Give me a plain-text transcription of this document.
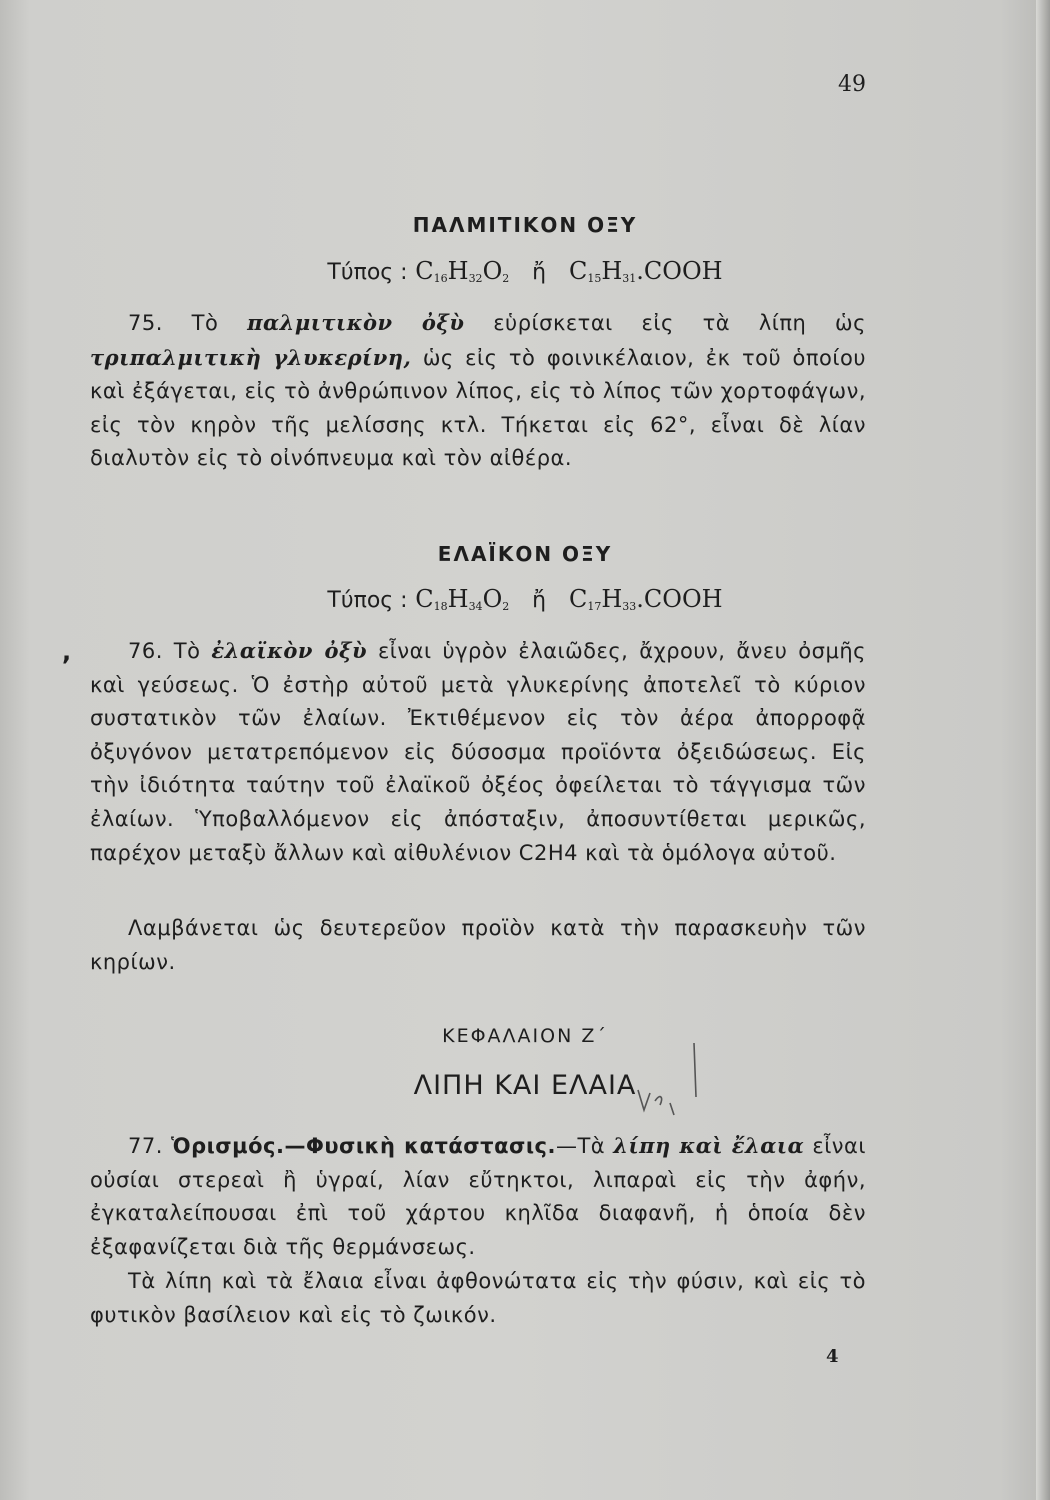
49
ΠΑΛΜΙΤΙΚΟΝ ΟΞΥ
Τύπος : $C_{16}H_{32}O_2$ ἤ $C_{15}H_{31}.COOH$
75. Τὸ παλμιτικὸν ὀξὺ εὑρίσκεται εἰς τὰ λίπη ὡς τριπαλμιτικὴ γλυκερίνη, ὡς εἰς τὸ φοινικέλαιον, ἐκ τοῦ ὁποίου καὶ ἐξάγεται, εἰς τὸ ἀνθρώπινον λίπος, εἰς τὸ λίπος τῶν χορτοφάγων, εἰς τὸν κηρὸν τῆς μελίσσης κτλ. Τήκεται εἰς 62°, εἶναι δὲ λίαν διαλυτὸν εἰς τὸ οἰνόπνευμα καὶ τὸν αἰθέρα.
ΕΛΑΪΚΟΝ ΟΞΥ
Τύπος : $C_{18}H_{34}O_2$ ἤ $C_{17}H_{33}.COOH$
,	76. Τὸ ἐλαϊκὸν ὀξὺ εἶναι ὑγρὸν ἐλαιῶδες, ἄχρουν, ἄνευ ὀσμῆς καὶ γεύσεως. Ὁ ἐστὴρ αὐτοῦ μετὰ γλυκερίνης ἀποτελεῖ τὸ κύριον συστατικὸν τῶν ἐλαίων. Ἐκτιθέμενον εἰς τὸν ἀέρα ἀπορροφᾷ ὀξυγόνον μετατρεπόμενον εἰς δύσοσμα προϊόντα ὀξειδώσεως. Εἰς τὴν ἰδιότητα ταύτην τοῦ ἐλαϊκοῦ ὀξέος ὀφείλεται τὸ τάγγισμα τῶν ἐλαίων. Ὑποβαλλόμενον εἰς ἀπόσταξιν, ἀποσυντίθεται μερικῶς, παρέχον μεταξὺ ἄλλων καὶ αἰθυλένιον C2H4 καὶ τὰ ὁμόλογα αὐτοῦ.
Λαμβάνεται ὡς δευτερεῦον προϊὸν κατὰ τὴν παρασκευὴν τῶν κηρίων.
ΚΕΦΑΛΑΙΟΝ Ζ΄
ΛΙΠΗ ΚΑΙ ΕΛΑΙΑ
77. Ὁρισμός.—Φυσικὴ κατάστασις.—Τὰ λίπη καὶ ἔλαια εἶναι οὐσίαι στερεαὶ ἢ ὑγραί, λίαν εὔτηκτοι, λιπαραὶ εἰς τὴν ἀφήν, ἐγκαταλείπουσαι ἐπὶ τοῦ χάρτου κηλῖδα διαφανῆ, ἡ ὁποία δὲν ἐξαφανίζεται διὰ τῆς θερμάνσεως.
Τὰ λίπη καὶ τὰ ἔλαια εἶναι ἀφθονώτατα εἰς τὴν φύσιν, καὶ εἰς τὸ φυτικὸν βασίλειον καὶ εἰς τὸ ζωικόν.
4
